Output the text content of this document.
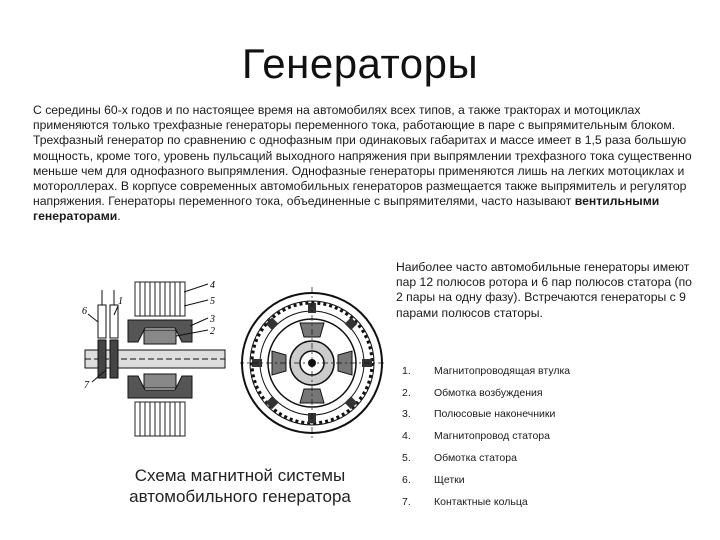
Генераторы
С середины 60-х годов и по настоящее время на автомобилях всех типов, а также тракторах и мотоциклах применяются только трехфазные генераторы переменного тока, работающие в паре с выпрямительным блоком. Трехфазный генератор по сравнению с однофазным при одинаковых габаритах и массе имеет в 1,5 раза большую мощность, кроме того, уровень пульсаций выходного напряжения при выпрямлении трехфазного тока существенно меньше чем для однофазного выпрямления. Однофазные генераторы применяются лишь на легких мотоциклах и мотороллерах. В корпусе современных автомобильных генераторов размещается также выпрямитель и регулятор напряжения. Генераторы переменного тока, объединенные с выпрямителями, часто называют вентильными генераторами.
4
5
3
2
6
1
7
Наиболее часто автомобильные генераторы имеют пар 12 полюсов ротора и 6 пар полюсов статора (по 2 пары на одну фазу). Встречаются генераторы с 9 парами полюсов статоры.
1.	Магнитопроводящая втулка
2.	Обмотка возбуждения
3.	Полюсовые наконечники
4.	Магнитопровод статора
5.	Обмотка статора
6.	Щетки
7.	Контактные кольца
Схема магнитной системы
автомобильного генератора
